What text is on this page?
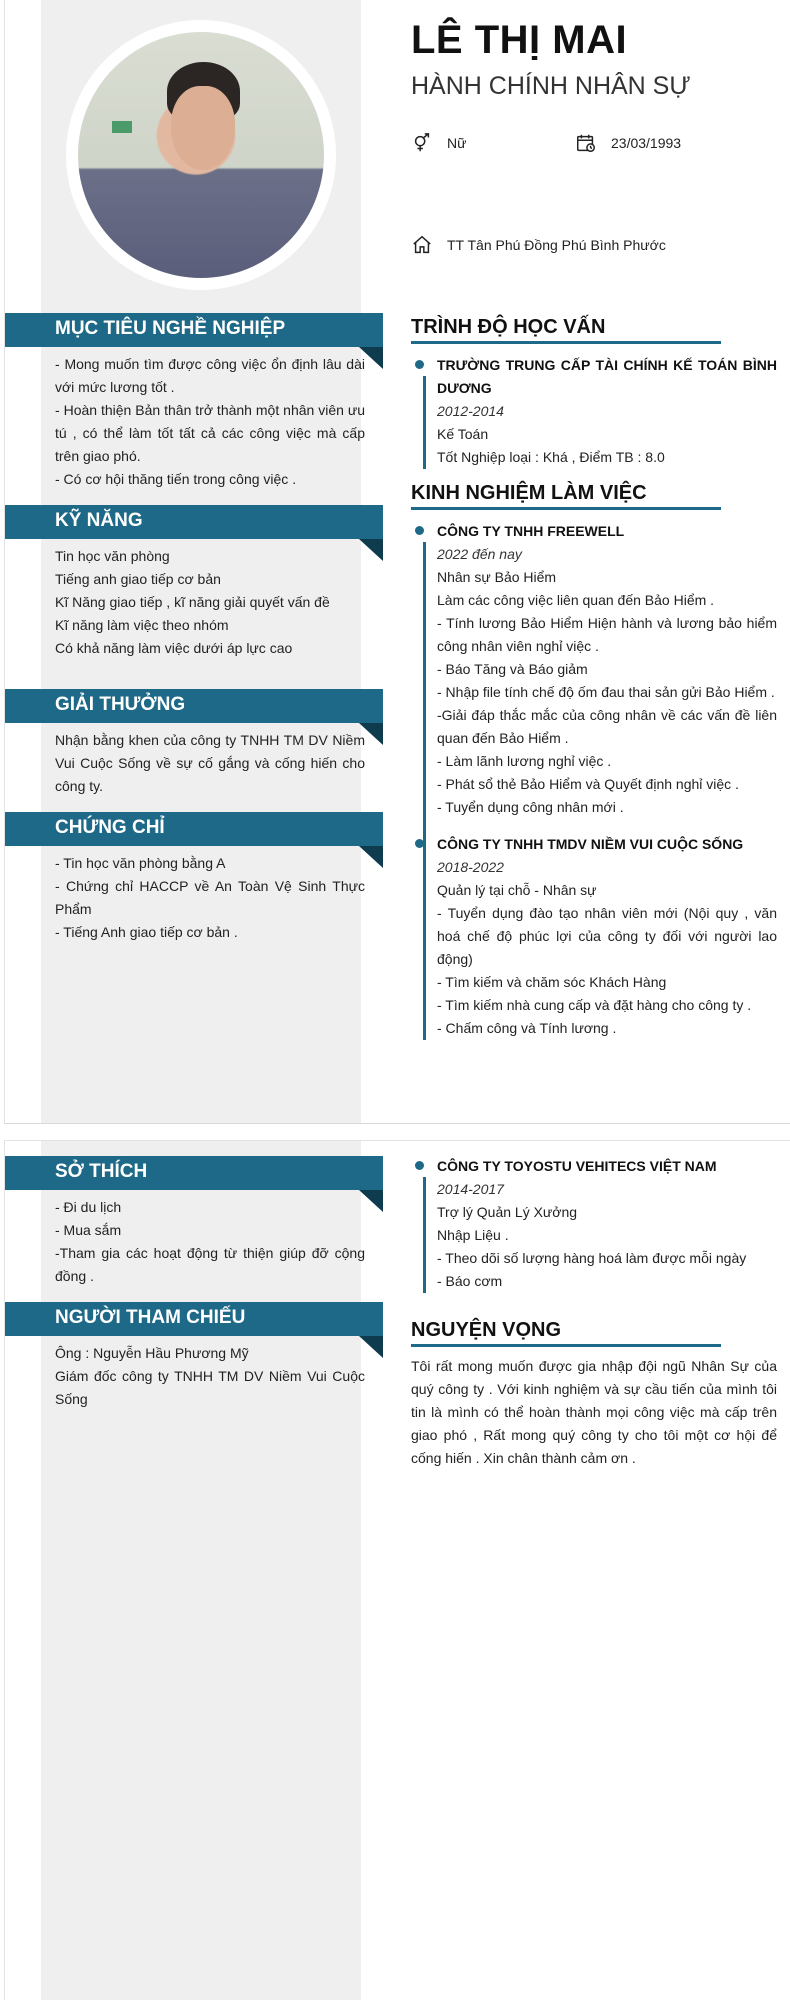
LÊ THỊ MAI
HÀNH CHÍNH NHÂN SỰ
Nữ	23/03/1993
TT Tân Phú Đồng Phú Bình Phước
MỤC TIÊU NGHỀ NGHIỆP
- Mong muốn tìm được công việc ổn định lâu dài với mức lương tốt .
- Hoàn thiện Bản thân trở thành một nhân viên ưu tú , có thể làm tốt tất cả các công việc mà cấp trên giao phó.
- Có cơ hội thăng tiến trong công việc .
KỸ NĂNG
Tin học văn phòng
Tiếng anh giao tiếp cơ bản
Kĩ Năng giao tiếp , kĩ năng giải quyết vấn đề
Kĩ năng làm việc theo nhóm
Có khả năng làm việc dưới áp lực cao
GIẢI THƯỞNG
Nhận bằng khen của công ty TNHH TM DV Niềm Vui Cuộc Sống về sự cố gắng và cống hiến cho công ty.
CHỨNG CHỈ
- Tin học văn phòng bằng A
- Chứng chỉ HACCP về An Toàn Vệ Sinh Thực Phẩm
- Tiếng Anh giao tiếp cơ bản .
TRÌNH ĐỘ HỌC VẤN
TRƯỜNG TRUNG CẤP TÀI CHÍNH KẾ TOÁN BÌNH DƯƠNG
2012-2014
Kế Toán
Tốt Nghiệp loại : Khá , Điểm TB : 8.0
KINH NGHIỆM LÀM VIỆC
CÔNG TY TNHH FREEWELL
2022 đến nay
Nhân sự Bảo Hiểm
Làm các công việc liên quan đến Bảo Hiểm .
- Tính lương Bảo Hiểm Hiện hành và lương bảo hiểm công nhân viên nghỉ việc .
- Báo Tăng và Báo giảm
- Nhập file tính chế độ ốm đau thai sản gửi Bảo Hiểm .
-Giải đáp thắc mắc của công nhân về các vấn đề liên quan đến Bảo Hiểm .
- Làm lãnh lương nghỉ việc .
- Phát sổ thẻ Bảo Hiểm và Quyết định nghỉ việc .
- Tuyển dụng công nhân mới .
CÔNG TY TNHH TMDV NIỀM VUI CUỘC SỐNG
2018-2022
Quản lý tại chỗ - Nhân sự
- Tuyển dụng đào tạo nhân viên mới (Nội quy , văn hoá chế độ phúc lợi của công ty đối với người lao động)
- Tìm kiếm và chăm sóc Khách Hàng
- Tìm kiếm nhà cung cấp và đặt hàng cho công ty .
- Chấm công và Tính lương .
SỞ THÍCH
- Đi du lịch
- Mua sắm
-Tham gia các hoạt động từ thiện giúp đỡ cộng đồng .
NGƯỜI THAM CHIẾU
Ông : Nguyễn Hầu Phương Mỹ
Giám đốc công ty TNHH TM DV Niềm Vui Cuộc Sống
CÔNG TY TOYOSTU VEHITECS VIỆT NAM
2014-2017
Trợ lý Quản Lý Xưởng
Nhập Liệu .
- Theo dõi số lượng hàng hoá làm được mỗi ngày
- Báo cơm
NGUYỆN VỌNG
Tôi rất mong muốn được gia nhập đội ngũ Nhân Sự của quý công ty . Với kinh nghiệm và sự cầu tiến của mình tôi tin là mình có thể hoàn thành mọi công việc mà cấp trên giao phó , Rất mong quý công ty cho tôi một cơ hội để cống hiến . Xin chân thành cảm ơn .
